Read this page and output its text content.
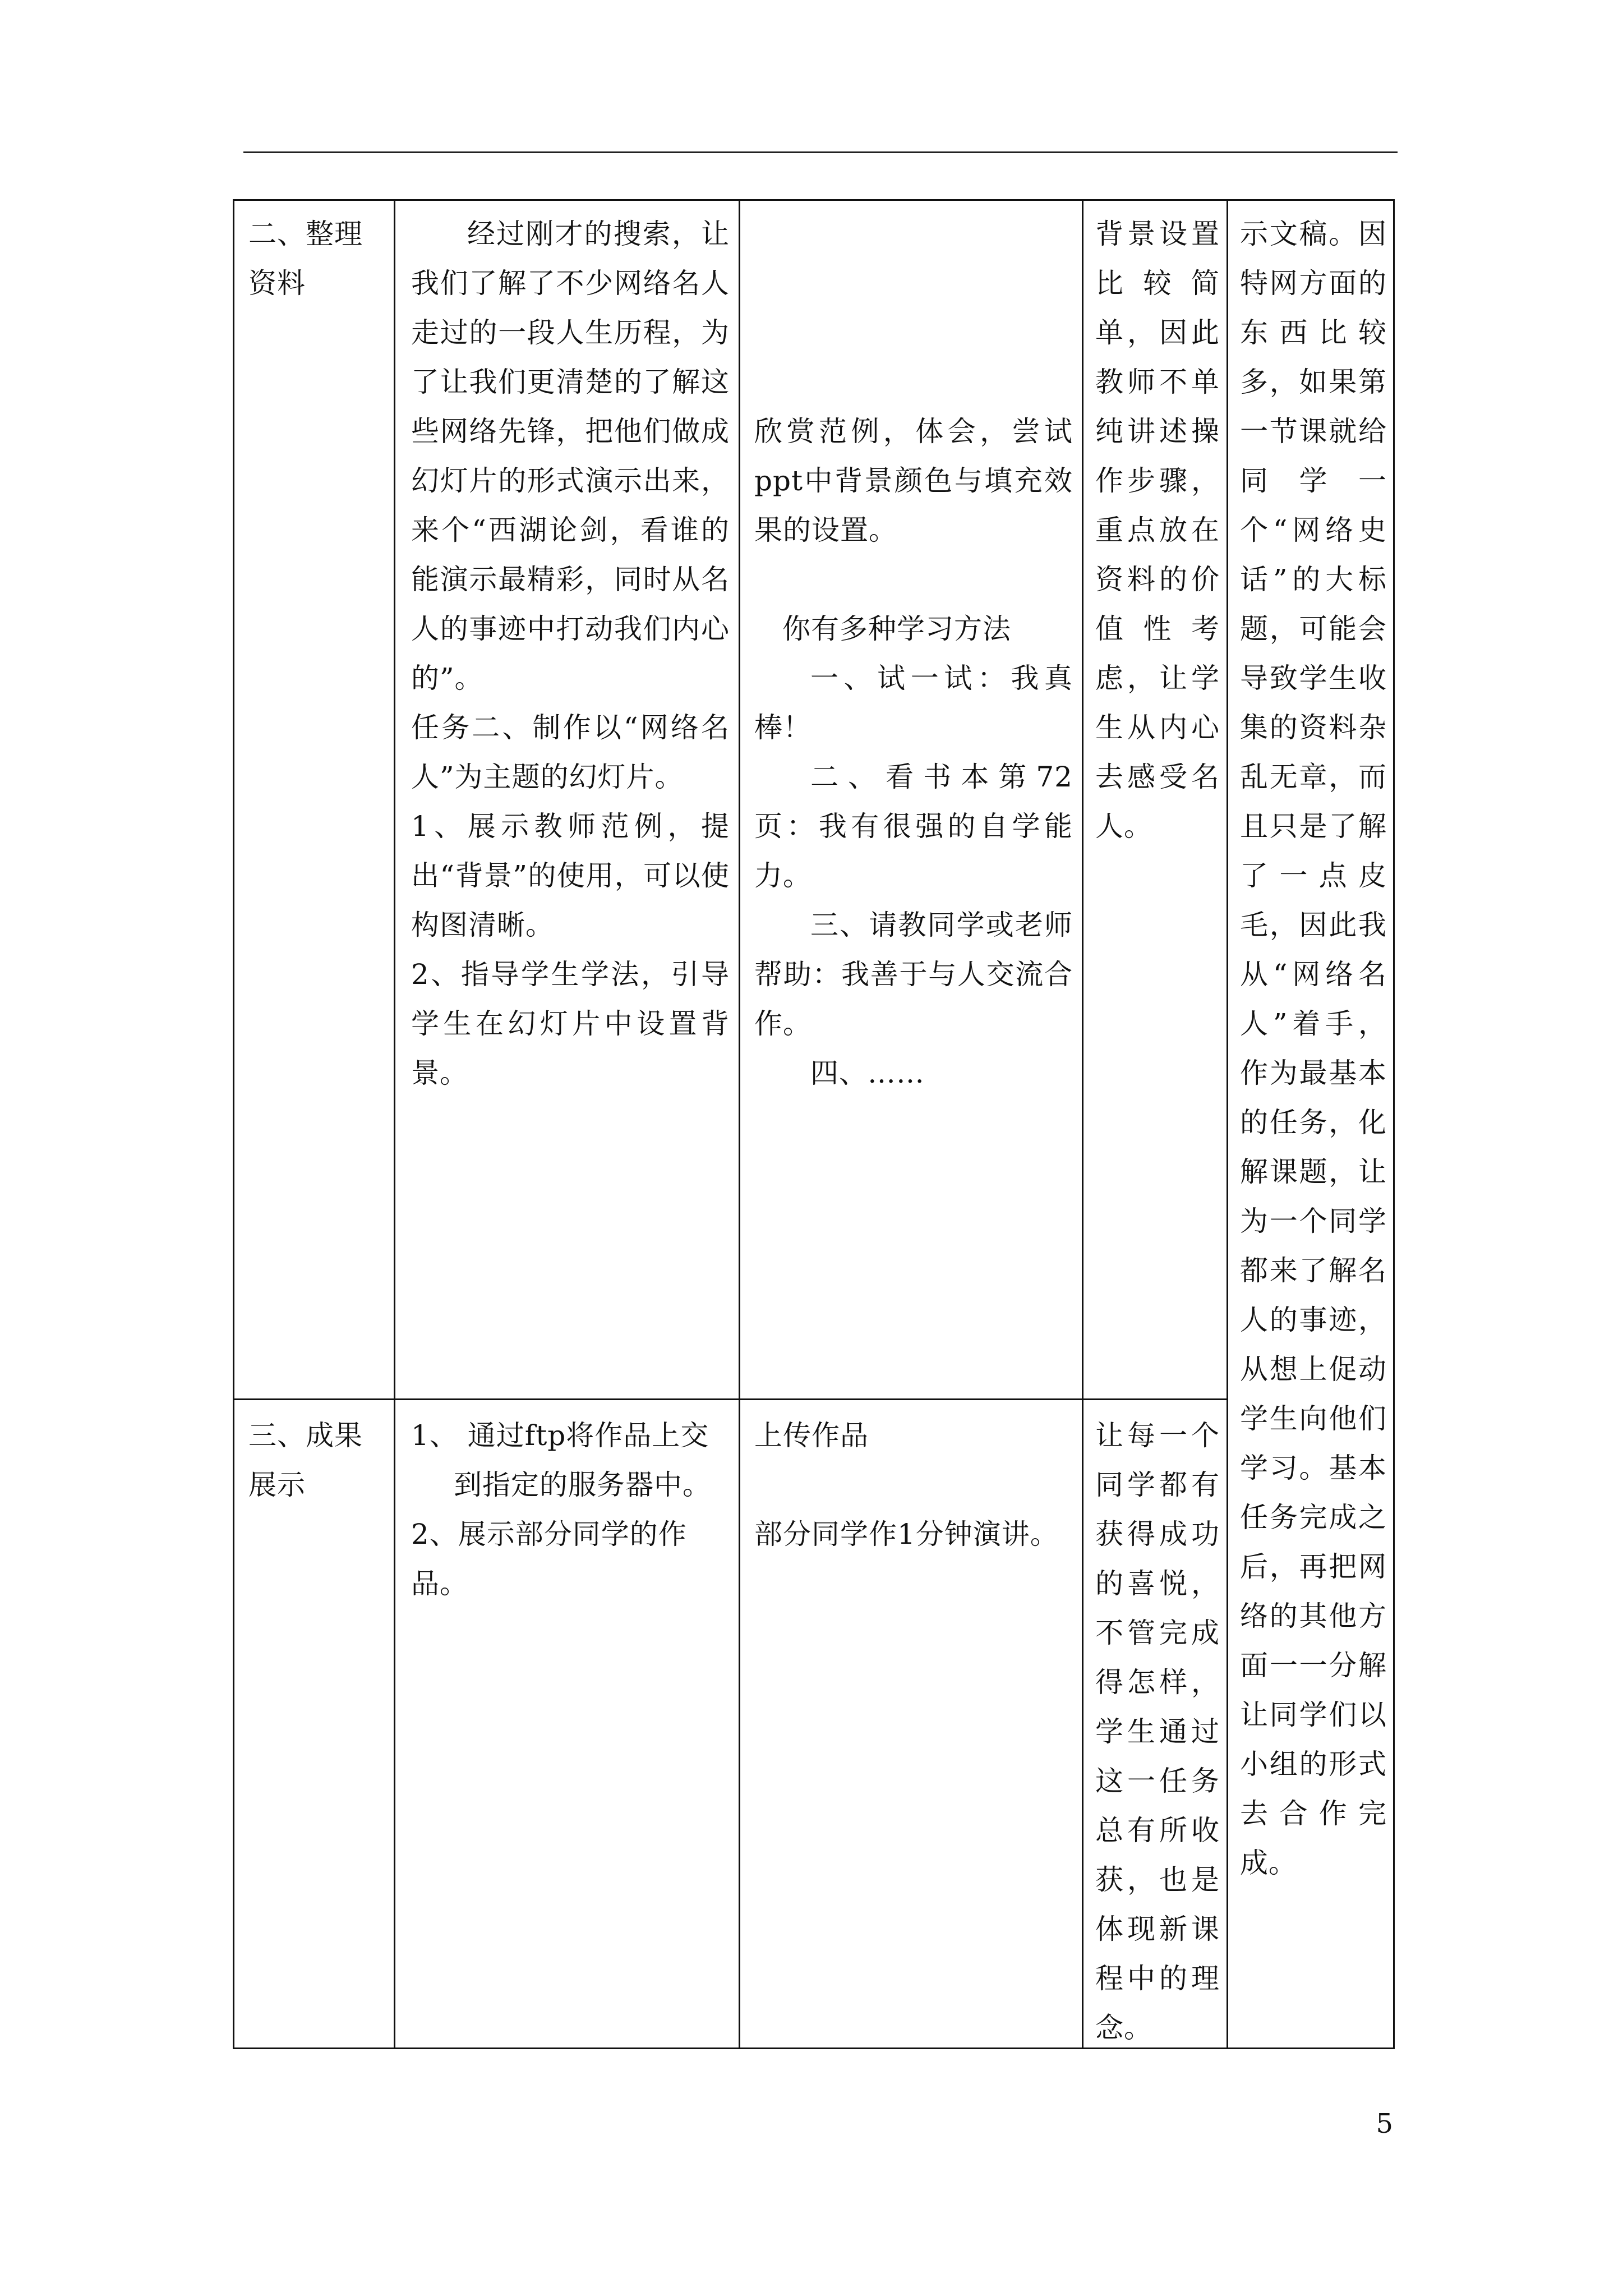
二、整理资料

经过刚才的搜索，让我们了解了不少网络名人走过的一段人生历程，为了让我们更清楚的了解这些网络先锋，把他们做成幻灯片的形式演示出来，来个“西湖论剑，看谁的能演示最精彩，同时从名人的事迹中打动我们内心的”。

任务二、制作以“网络名人”为主题的幻灯片。

1、展示教师范例，提出“背景”的使用，可以使构图清晰。

2、指导学生学法，引导学生在幻灯片中设置背景。

欣赏范例，体会，尝试ppt中背景颜色与填充效果的设置。

你有多种学习方法

一、试一试：我真棒！

二、看书本第72页：我有很强的自学能力。

三、请教同学或老师帮助：我善于与人交流合作。

四、……

背景设置比较简单，因此教师不单纯讲述操作步骤，重点放在资料的价值性考虑，让学生从内心去感受名人。

示文稿。因特网方面的东西比较多，如果第一节课就给同学一个“网络史话”的大标题，可能会导致学生收集的资料杂乱无章，而且只是了解了一点皮毛，因此我从“网络名人”着手，作为最基本的任务，化解课题，让为一个同学都来了解名人的事迹，从想上促动学生向他们学习。基本任务完成之后，再把网络的其他方面一一分解让同学们以小组的形式去合作完成。

三、成果展示

1、 通过ftp将作品上交到指定的服务器中。

2、展示部分同学的作品。

上传作品

部分同学作1分钟演讲。

让每一个同学都有获得成功的喜悦，不管完成得怎样，学生通过这一任务总有所收获，也是体现新课程中的理念。

5
